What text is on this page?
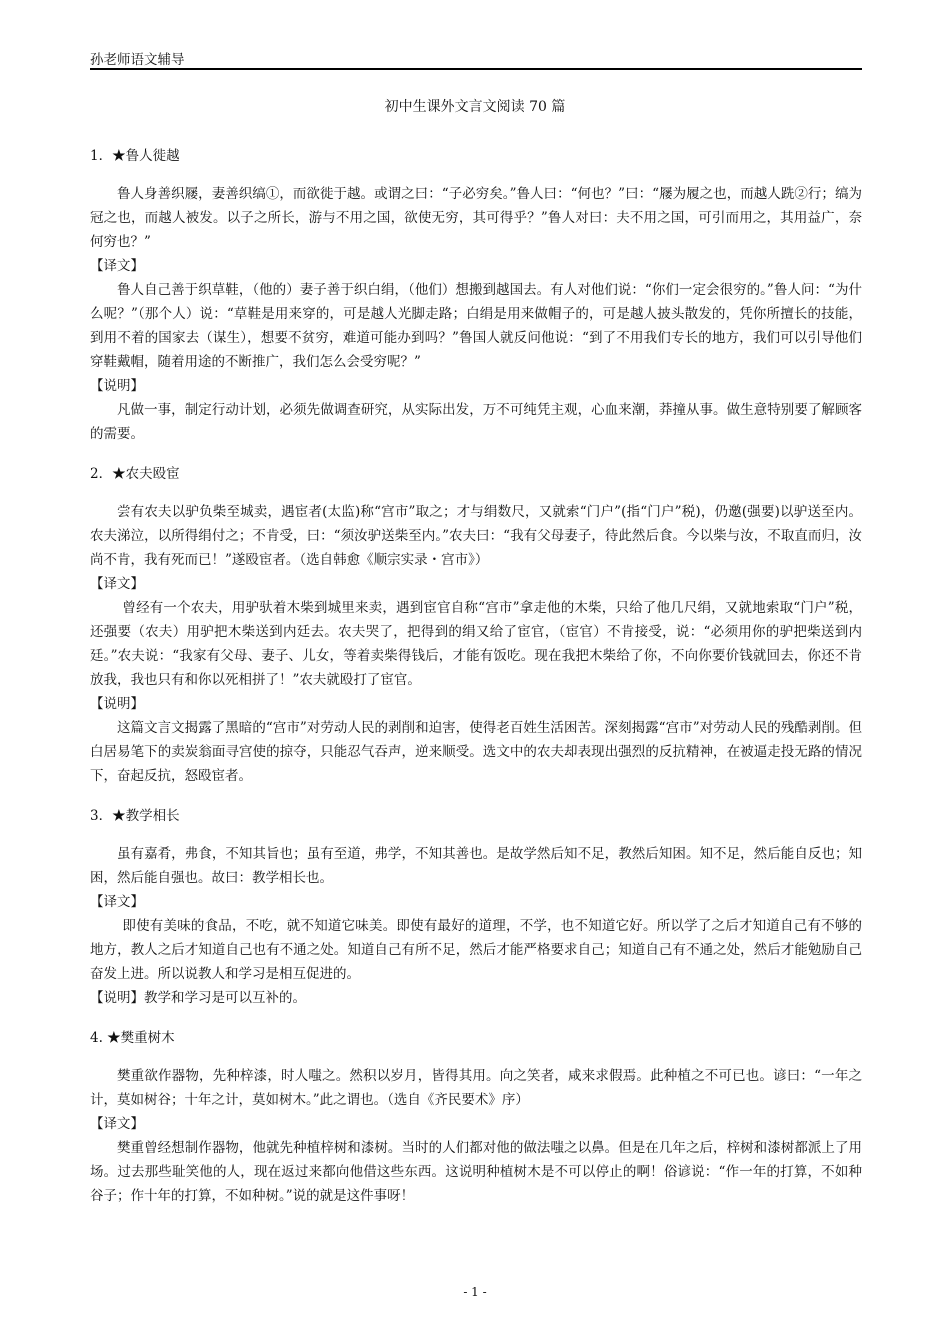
孙老师语文辅导
初中生课外文言文阅读 70 篇

1．★鲁人徙越

鲁人身善织屦，妻善织缟①，而欲徙于越。或谓之曰：“子必穷矣。”鲁人曰：“何也？”曰：“屦为履之也，而越人跣②行；缟为冠之也，而越人被发。以子之所长，游与不用之国，欲使无穷，其可得乎？”鲁人对曰：夫不用之国，可引而用之，其用益广，奈何穷也？”

【译文】

鲁人自己善于织草鞋，（他的）妻子善于织白绢，（他们）想搬到越国去。有人对他们说：“你们一定会很穷的。”鲁人问：“为什么呢？”（那个人）说：“草鞋是用来穿的，可是越人光脚走路；白绢是用来做帽子的，可是越人披头散发的，凭你所擅长的技能，到用不着的国家去（谋生），想要不贫穷，难道可能办到吗？”鲁国人就反问他说：“到了不用我们专长的地方，我们可以引导他们穿鞋戴帽，随着用途的不断推广，我们怎么会受穷呢？”

【说明】

凡做一事，制定行动计划，必须先做调查研究，从实际出发，万不可纯凭主观，心血来潮，莽撞从事。做生意特别要了解顾客的需要。

2．★农夫殴宦

尝有农夫以驴负柴至城卖，遇宦者(太监)称“宫市”取之；才与绢数尺，又就索“门户”(指“门户”税)，仍邀(强要)以驴送至内。农夫涕泣，以所得绢付之；不肯受，曰：“须汝驴送柴至内。”农夫曰：“我有父母妻子，待此然后食。今以柴与汝，不取直而归，汝尚不肯，我有死而已！”遂殴宦者。（选自韩愈《顺宗实录・宫市》）

【译文】

曾经有一个农夫，用驴驮着木柴到城里来卖，遇到宦官自称“宫市”拿走他的木柴，只给了他几尺绢，又就地索取“门户”税，还强要（农夫）用驴把木柴送到内廷去。农夫哭了，把得到的绢又给了宦官，（宦官）不肯接受，说：“必须用你的驴把柴送到内廷。”农夫说：“我家有父母、妻子、儿女，等着卖柴得钱后，才能有饭吃。现在我把木柴给了你，不向你要价钱就回去，你还不肯放我，我也只有和你以死相拼了！”农夫就殴打了宦官。

【说明】

这篇文言文揭露了黑暗的“宫市”对劳动人民的剥削和迫害，使得老百姓生活困苦。深刻揭露“宫市”对劳动人民的残酷剥削。但白居易笔下的卖炭翁面寻宫使的掠夺，只能忍气吞声，逆来顺受。选文中的农夫却表现出强烈的反抗精神，在被逼走投无路的情况下，奋起反抗，怒殴宦者。

3．★教学相长

虽有嘉肴，弗食，不知其旨也；虽有至道，弗学，不知其善也。是故学然后知不足，教然后知困。知不足，然后能自反也；知困，然后能自强也。故曰：教学相长也。

【译文】

即使有美味的食品，不吃，就不知道它味美。即使有最好的道理，不学，也不知道它好。所以学了之后才知道自己有不够的地方，教人之后才知道自己也有不通之处。知道自己有所不足，然后才能严格要求自己；知道自己有不通之处，然后才能勉励自己奋发上进。所以说教人和学习是相互促进的。

【说明】教学和学习是可以互补的。

4. ★樊重树木

樊重欲作器物，先种梓漆，时人嗤之。然积以岁月，皆得其用。向之笑者，咸来求假焉。此种植之不可已也。谚曰：“一年之计，莫如树谷；十年之计，莫如树木。”此之谓也。（选自《齐民要术》序）

【译文】

樊重曾经想制作器物，他就先种植梓树和漆树。当时的人们都对他的做法嗤之以鼻。但是在几年之后，梓树和漆树都派上了用场。过去那些耻笑他的人，现在返过来都向他借这些东西。这说明种植树木是不可以停止的啊！俗谚说：“作一年的打算，不如种谷子；作十年的打算，不如种树。”说的就是这件事呀！

- 1 -
